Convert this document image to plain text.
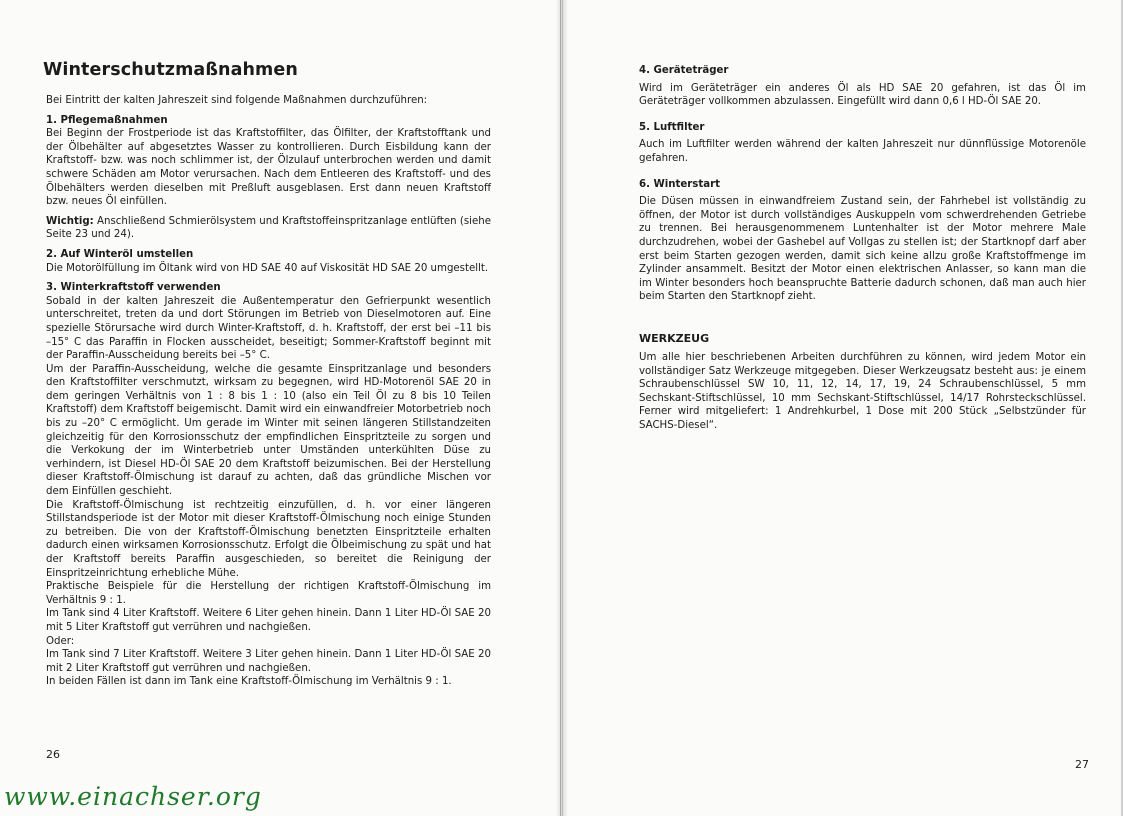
Winterschutzmaßnahmen

Bei Eintritt der kalten Jahreszeit sind folgende Maßnahmen durchzuführen:

1. Pflegemaßnahmen

Bei Beginn der Frostperiode ist das Kraftstoffilter, das Ölfilter, der Kraftstofftank und der Ölbehälter auf abgesetztes Wasser zu kontrollieren. Durch Eisbildung kann der Kraftstoff- bzw. was noch schlimmer ist, der Ölzulauf unterbrochen werden und damit schwere Schäden am Motor verursachen. Nach dem Entleeren des Kraftstoff- und des Ölbehälters werden dieselben mit Preßluft ausgeblasen. Erst dann neuen Kraftstoff bzw. neues Öl einfüllen.

Wichtig: Anschließend Schmierölsystem und Kraftstoffeinspritzanlage entlüften (siehe Seite 23 und 24).

2. Auf Winteröl umstellen

Die Motorölfüllung im Öltank wird von HD SAE 40 auf Viskosität HD SAE 20 umgestellt.

3. Winterkraftstoff verwenden

Sobald in der kalten Jahreszeit die Außentemperatur den Gefrierpunkt wesentlich unterschreitet, treten da und dort Störungen im Betrieb von Dieselmotoren auf. Eine spezielle Störursache wird durch Winter-Kraftstoff, d. h. Kraftstoff, der erst bei –11 bis –15° C das Paraffin in Flocken ausscheidet, beseitigt; Sommer-Kraftstoff beginnt mit der Paraffin-Ausscheidung bereits bei –5° C.

Um der Paraffin-Ausscheidung, welche die gesamte Einspritzanlage und besonders den Kraftstoffilter verschmutzt, wirksam zu begegnen, wird HD-Motorenöl SAE 20 in dem geringen Verhältnis von 1 : 8 bis 1 : 10 (also ein Teil Öl zu 8 bis 10 Teilen Kraftstoff) dem Kraftstoff beigemischt. Damit wird ein einwandfreier Motorbetrieb noch bis zu –20° C ermöglicht. Um gerade im Winter mit seinen längeren Stillstandzeiten gleichzeitig für den Korrosionsschutz der empfindlichen Einspritzteile zu sorgen und die Verkokung der im Winterbetrieb unter Umständen unterkühlten Düse zu verhindern, ist Diesel HD-Öl SAE 20 dem Kraftstoff beizumischen. Bei der Herstellung dieser Kraftstoff-Ölmischung ist darauf zu achten, daß das gründliche Mischen vor dem Einfüllen geschieht.

Die Kraftstoff-Ölmischung ist rechtzeitig einzufüllen, d. h. vor einer längeren Stillstandsperiode ist der Motor mit dieser Kraftstoff-Ölmischung noch einige Stunden zu betreiben. Die von der Kraftstoff-Ölmischung benetzten Einspritzteile erhalten dadurch einen wirksamen Korrosionsschutz. Erfolgt die Ölbeimischung zu spät und hat der Kraftstoff bereits Paraffin ausgeschieden, so bereitet die Reinigung der Einspritzeinrichtung erhebliche Mühe.

Praktische Beispiele für die Herstellung der richtigen Kraftstoff-Ölmischung im Verhältnis 9 : 1.

Im Tank sind 4 Liter Kraftstoff. Weitere 6 Liter gehen hinein. Dann 1 Liter HD-Öl SAE 20 mit 5 Liter Kraftstoff gut verrühren und nachgießen.

Oder:

Im Tank sind 7 Liter Kraftstoff. Weitere 3 Liter gehen hinein. Dann 1 Liter HD-Öl SAE 20 mit 2 Liter Kraftstoff gut verrühren und nachgießen.

In beiden Fällen ist dann im Tank eine Kraftstoff-Ölmischung im Verhältnis 9 : 1.

26
4. Geräteträger

Wird im Geräteträger ein anderes Öl als HD SAE 20 gefahren, ist das Öl im Geräteträger vollkommen abzulassen. Eingefüllt wird dann 0,6 l HD-Öl SAE 20.

5. Luftfilter

Auch im Luftfilter werden während der kalten Jahreszeit nur dünnflüssige Motorenöle gefahren.

6. Winterstart

Die Düsen müssen in einwandfreiem Zustand sein, der Fahrhebel ist vollständig zu öffnen, der Motor ist durch vollständiges Auskuppeln vom schwerdrehenden Getriebe zu trennen. Bei herausgenommenem Luntenhalter ist der Motor mehrere Male durchzudrehen, wobei der Gashebel auf Vollgas zu stellen ist; der Startknopf darf aber erst beim Starten gezogen werden, damit sich keine allzu große Kraftstoffmenge im Zylinder ansammelt. Besitzt der Motor einen elektrischen Anlasser, so kann man die im Winter besonders hoch beanspruchte Batterie dadurch schonen, daß man auch hier beim Starten den Startknopf zieht.

WERKZEUG

Um alle hier beschriebenen Arbeiten durchführen zu können, wird jedem Motor ein vollständiger Satz Werkzeuge mitgegeben. Dieser Werkzeugsatz besteht aus: je einem Schraubenschlüssel SW 10, 11, 12, 14, 17, 19, 24 Schraubenschlüssel, 5 mm Sechskant-Stiftschlüssel, 10 mm Sechskant-Stiftschlüssel, 14/17 Rohrsteckschlüssel. Ferner wird mitgeliefert: 1 Andrehkurbel, 1 Dose mit 200 Stück „Selbstzünder für SACHS-Diesel“.

27
www.einachser.org
